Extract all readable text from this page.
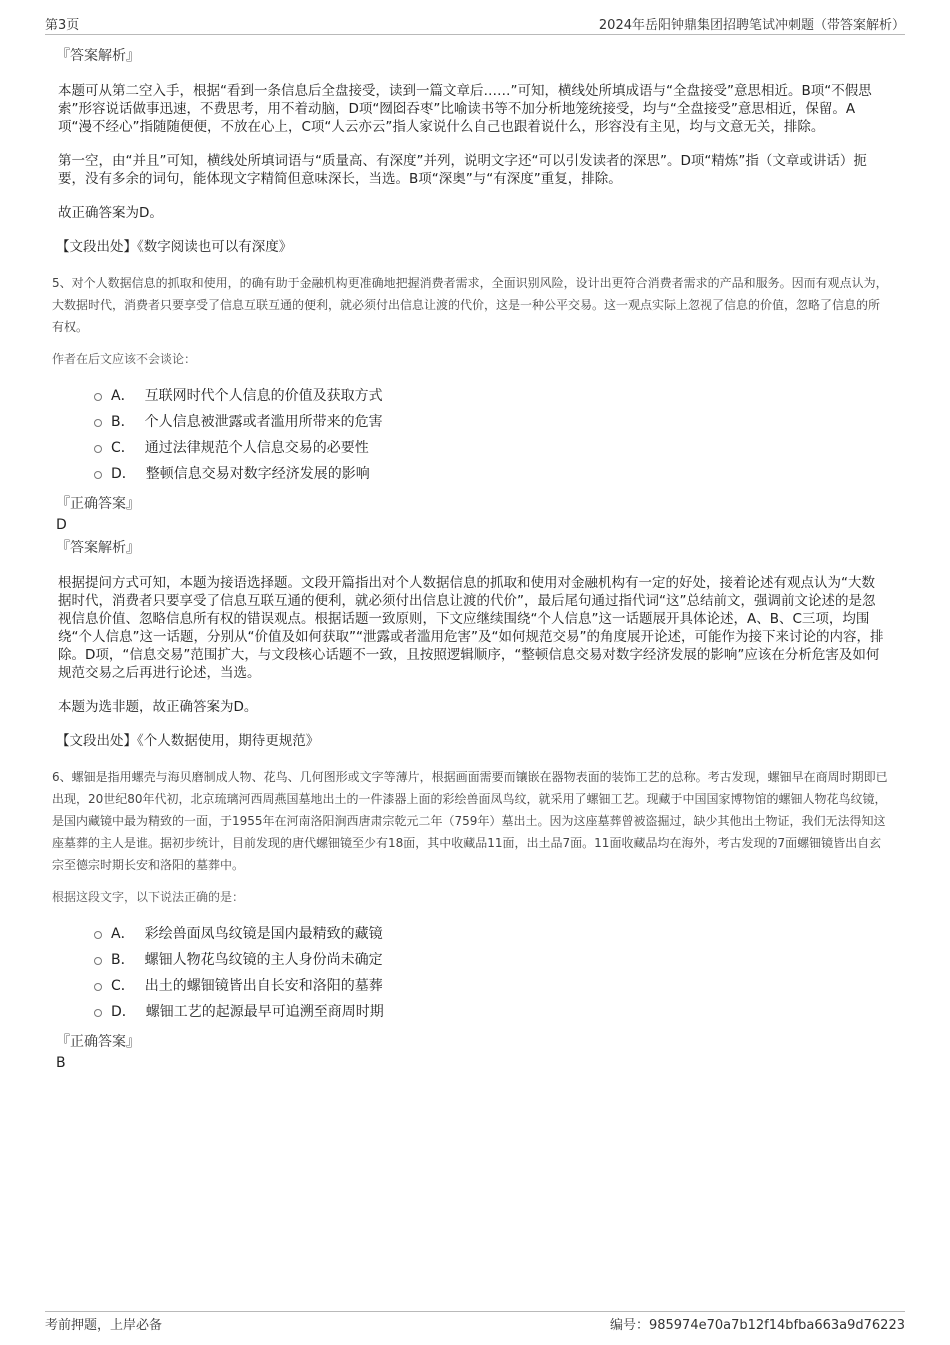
第3页	2024年岳阳钟鼎集团招聘笔试冲刺题（带答案解析）
『答案解析』

本题可从第二空入手，根据“看到一条信息后全盘接受，读到一篇文章后……”可知，横线处所填成语与“全盘接受”意思相近。B项“不假思索”形容说话做事迅速，不费思考，用不着动脑，D项“囫囵吞枣”比喻读书等不加分析地笼统接受，均与“全盘接受”意思相近，保留。A项“漫不经心”指随随便便，不放在心上，C项“人云亦云”指人家说什么自己也跟着说什么，形容没有主见，均与文意无关，排除。

第一空，由“并且”可知，横线处所填词语与“质量高、有深度”并列，说明文字还“可以引发读者的深思”。D项“精炼”指（文章或讲话）扼要，没有多余的词句，能体现文字精简但意味深长，当选。B项“深奥”与“有深度”重复，排除。

故正确答案为D。

【文段出处】《数字阅读也可以有深度》

5、对个人数据信息的抓取和使用，的确有助于金融机构更准确地把握消费者需求，全面识别风险，设计出更符合消费者需求的产品和服务。因而有观点认为，大数据时代，消费者只要享受了信息互联互通的便利，就必须付出信息让渡的代价，这是一种公平交易。这一观点实际上忽视了信息的价值，忽略了信息的所有权。
作者在后文应该不会谈论：
A． 互联网时代个人信息的价值及获取方式
B． 个人信息被泄露或者滥用所带来的危害
C． 通过法律规范个人信息交易的必要性
D． 整顿信息交易对数字经济发展的影响
『正确答案』
D
『答案解析』

根据提问方式可知，本题为接语选择题。文段开篇指出对个人数据信息的抓取和使用对金融机构有一定的好处，接着论述有观点认为“大数据时代，消费者只要享受了信息互联互通的便利，就必须付出信息让渡的代价”，最后尾句通过指代词“这”总结前文，强调前文论述的是忽视信息价值、忽略信息所有权的错误观点。根据话题一致原则，下文应继续围绕“个人信息”这一话题展开具体论述，A、B、C三项，均围绕“个人信息”这一话题，分别从“价值及如何获取”“泄露或者滥用危害”及“如何规范交易”的角度展开论述，可能作为接下来讨论的内容，排除。D项，“信息交易”范围扩大，与文段核心话题不一致，且按照逻辑顺序，“整顿信息交易对数字经济发展的影响”应该在分析危害及如何规范交易之后再进行论述，当选。

本题为选非题，故正确答案为D。

【文段出处】《个人数据使用，期待更规范》

6、螺钿是指用螺壳与海贝磨制成人物、花鸟、几何图形或文字等薄片，根据画面需要而镶嵌在器物表面的装饰工艺的总称。考古发现，螺钿早在商周时期即已出现，20世纪80年代初，北京琉璃河西周燕国墓地出土的一件漆器上面的彩绘兽面凤鸟纹，就采用了螺钿工艺。现藏于中国国家博物馆的螺钿人物花鸟纹镜，是国内藏镜中最为精致的一面，于1955年在河南洛阳涧西唐肃宗乾元二年（759年）墓出土。因为这座墓葬曾被盗掘过，缺少其他出土物证，我们无法得知这座墓葬的主人是谁。据初步统计，目前发现的唐代螺钿镜至少有18面，其中收藏品11面，出土品7面。11面收藏品均在海外，考古发现的7面螺钿镜皆出自玄宗至德宗时期长安和洛阳的墓葬中。
根据这段文字，以下说法正确的是：
A． 彩绘兽面凤鸟纹镜是国内最精致的藏镜
B． 螺钿人物花鸟纹镜的主人身份尚未确定
C． 出土的螺钿镜皆出自长安和洛阳的墓葬
D． 螺钿工艺的起源最早可追溯至商周时期
『正确答案』
B
考前押题，上岸必备	编号：985974e70a7b12f14bfba663a9d76223
